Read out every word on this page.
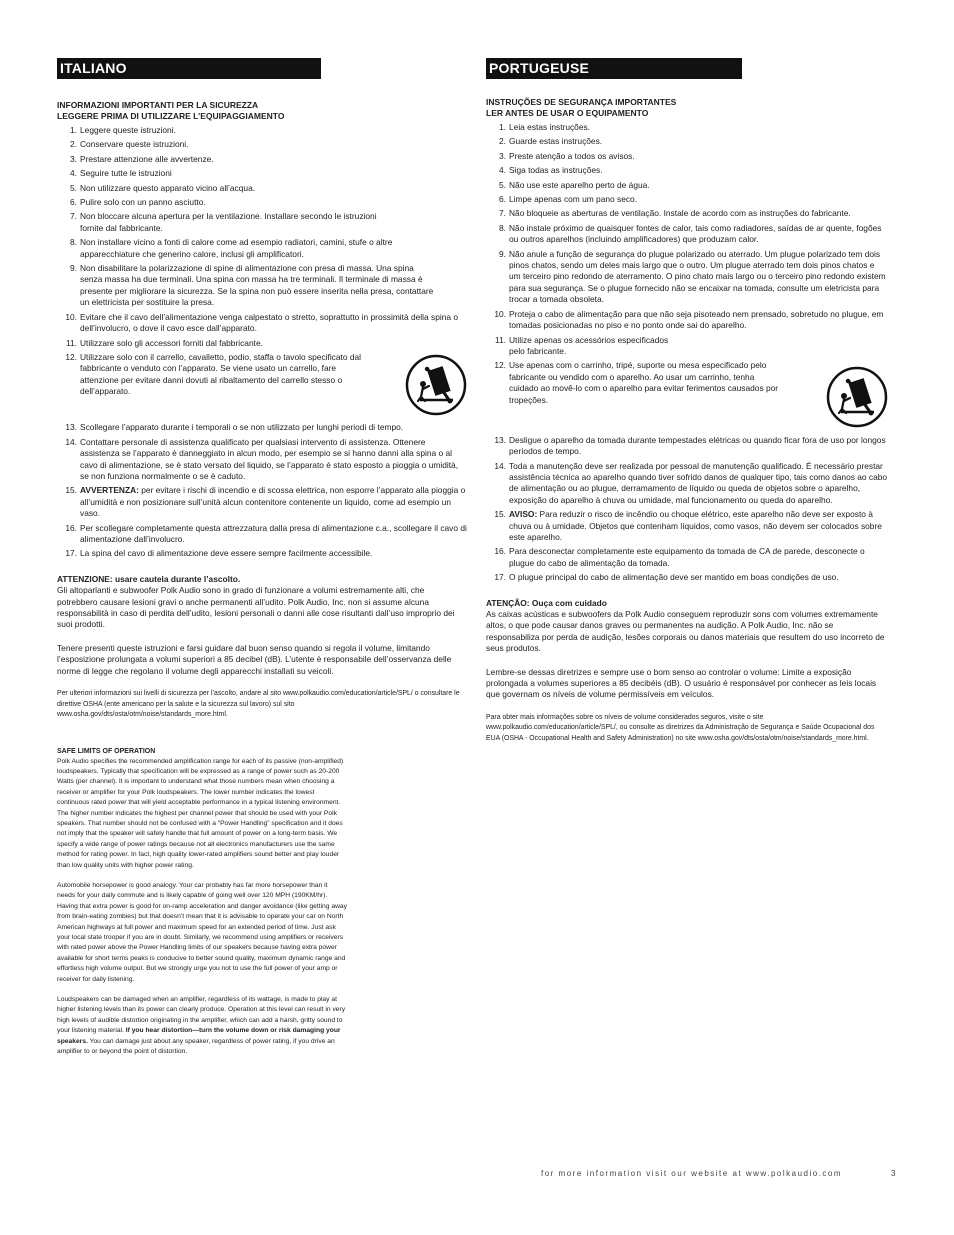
ITALIANO

INFORMAZIONI IMPORTANTI PER LA SICUREZZA

LEGGERE PRIMA DI UTILIZZARE L’EQUIPAGGIAMENTO

1. Leggere queste istruzioni.
2. Conservare queste istruzioni.
3. Prestare attenzione alle avvertenze.
4. Seguire tutte le istruzioni
5. Non utilizzare questo apparato vicino all’acqua.
6. Pulire solo con un panno asciutto.
7. Non bloccare alcuna apertura per la ventilazione. Installare secondo le istruzioni fornite dal fabbricante.
8. Non installare vicino a fonti di calore come ad esempio radiatori, camini, stufe o altre apparecchiature che generino calore, inclusi gli amplificatori.
9. Non disabilitare la polarizzazione di spine di alimentazione con presa di massa. Una spina senza massa ha due terminali. Una spina con massa ha tre terminali. Il terminale di massa è presente per migliorare la sicurezza. Se la spina non può essere inserita nella presa, contattare un elettricista per sostituire la presa.
10. Evitare che il cavo dell’alimentazione venga calpestato o stretto, soprattutto in prossimità della spina o dell’involucro, o dove il cavo esce dall’apparato.
11. Utilizzare solo gli accessori forniti dal fabbricante.
12. Utilizzare solo con il carrello, cavalletto, podio, staffa o tavolo specificato dal fabbricante o venduto con l’apparato. Se viene usato un carrello, fare attenzione per evitare danni dovuti al ribaltamento del carrello stesso o dell’apparato.
13. Scollegare l’apparato durante i temporali o se non utilizzato per lunghi periodi di tempo.
14. Contattare personale di assistenza qualificato per qualsiasi intervento di assistenza. Ottenere assistenza se l’apparato è danneggiato in alcun modo, per esempio se si hanno danni alla spina o al cavo di alimentazione, se è stato versato del liquido, se l’apparato è stato esposto a pioggia o umidità, se non funziona normalmente o se è caduto.
15. AVVERTENZA: per evitare i rischi di incendio e di scossa elettrica, non esporre l’apparato alla pioggia o all’umidità e non posizionare sull’unità alcun contenitore contenente un liquido, come ad esempio un vaso.
16. Per scollegare completamente questa attrezzatura dalla presa di alimentazione c.a., scollegare il cavo di alimentazione dall’involucro.
17. La spina del cavo di alimentazione deve essere sempre facilmente accessibile.

ATTENZIONE: usare cautela durante l’ascolto.

Gli altoparlanti e subwoofer Polk Audio sono in grado di funzionare a volumi estremamente alti, che potrebbero causare lesioni gravi o anche permanenti all’udito. Polk Audio, Inc. non si assume alcuna responsabilità in caso di perdita dell’udito, lesioni personali o danni alle cose risultanti dall’uso improprio dei suoi prodotti.

Tenere presenti queste istruzioni e farsi guidare dal buon senso quando si regola il volume, limitando l’esposizione prolungata a volumi superiori a 85 decibel (dB). L’utente è responsabile dell’osservanza delle norme di legge che regolano il volume degli apparecchi installati su veicoli.

Per ulteriori informazioni sui livelli di sicurezza per l’ascolto, andare al sito www.polkaudio.com/education/article/SPL/ o consultare le direttive OSHA (ente americano per la salute e la sicurezza sul lavoro) sul sito www.osha.gov/dts/osta/otm/noise/standards_more.html.

SAFE LIMITS OF OPERATION

Polk Audio specifies the recommended amplification range for each of its passive (non-amplified) loudspeakers. Typically that specification will be expressed as a range of power such as 20-200 Watts (per channel). It is important to understand what those numbers mean when choosing a receiver or amplifier for your Polk loudspeakers. The lower number indicates the lowest continuous rated power that will yield acceptable performance in a typical listening environment. The higher number indicates the highest per channel power that should be used with your Polk speakers. That number should not be confused with a “Power Handling” specification and it does not imply that the speaker will safely handle that full amount of power on a long-term basis. We specify a wide range of power ratings because not all electronics manufacturers use the same method for rating power. In fact, high quality lower-rated amplifiers sound better and play louder than low quality units with higher power rating.

Automobile horsepower is good analogy. Your car probably has far more horsepower than it needs for your daily commute and is likely capable of going well over 120 MPH (190KM/hr). Having that extra power is good for on-ramp acceleration and danger avoidance (like getting away from brain-eating zombies) but that doesn’t mean that it is advisable to operate your car on North American highways at full power and maximum speed for an extended period of time. Just ask your local state trooper if you are in doubt. Similarly, we recommend using amplifiers or receivers with rated power above the Power Handling limits of our speakers because having extra power available for short terms peaks is conducive to better sound quality, maximum dynamic range and effortless high volume output. But we strongly urge you not to use the full power of your amp or receiver for daily listening.

Loudspeakers can be damaged when an amplifier, regardless of its wattage, is made to play at higher listening levels than its power can clearly produce. Operation at this level can result in very high levels of audible distortion originating in the amplifier, which can add a harsh, gritty sound to your listening material. If you hear distortion—turn the volume down or risk damaging your speakers. You can damage just about any speaker, regardless of power rating, if you drive an amplifier to or beyond the point of distortion.

PORTUGEUSE

INSTRUÇÕES DE SEGURANÇA IMPORTANTES

LER ANTES DE USAR O EQUIPAMENTO

1. Leia estas instruções.
2. Guarde estas instruções.
3. Preste atenção a todos os avisos.
4. Siga todas as instruções.
5. Não use este aparelho perto de água.
6. Limpe apenas com um pano seco.
7. Não bloqueie as aberturas de ventilação. Instale de acordo com as instruções do fabricante.
8. Não instale próximo de quaisquer fontes de calor, tais como radiadores, saídas de ar quente, fogões ou outros aparelhos (incluindo amplificadores) que produzam calor.
9. Não anule a função de segurança do plugue polarizado ou aterrado. Um plugue polarizado tem dois pinos chatos, sendo um deles mais largo que o outro. Um plugue aterrado tem dois pinos chatos e um terceiro pino redondo de aterramento. O pino chato mais largo ou o terceiro pino redondo existem para sua segurança. Se o plugue fornecido não se encaixar na tomada, consulte um eletricista para trocar a tomada obsoleta.
10. Proteja o cabo de alimentação para que não seja pisoteado nem prensado, sobretudo no plugue, em tomadas posicionadas no piso e no ponto onde sai do aparelho.
11. Utilize apenas os acessórios especificados pelo fabricante.
12. Use apenas com o carrinho, tripé, suporte ou mesa especificado pelo fabricante ou vendido com o aparelho. Ao usar um carrinho, tenha cuidado ao movê-lo com o aparelho para evitar ferimentos causados por tropeções.
13. Desligue o aparelho da tomada durante tempestades elétricas ou quando ficar fora de uso por longos períodos de tempo.
14. Toda a manutenção deve ser realizada por pessoal de manutenção qualificado. É necessário prestar assistência técnica ao aparelho quando tiver sofrido danos de qualquer tipo, tais como danos ao cabo de alimentação ou ao plugue, derramamento de líquido ou queda de objetos sobre o aparelho, exposição do aparelho à chuva ou umidade, mal funcionamento ou queda do aparelho.
15. AVISO: Para reduzir o risco de incêndio ou choque elétrico, este aparelho não deve ser exposto à chuva ou à umidade. Objetos que contenham líquidos, como vasos, não devem ser colocados sobre este aparelho.
16. Para desconectar completamente este equipamento da tomada de CA de parede, desconecte o plugue do cabo de alimentação da tomada.
17. O plugue principal do cabo de alimentação deve ser mantido em boas condições de uso.

ATENÇÃO: Ouça com cuidado

As caixas acústicas e subwoofers da Polk Audio conseguem reproduzir sons com volumes extremamente altos, o que pode causar danos graves ou permanentes na audição. A Polk Audio, Inc. não se responsabiliza por perda de audição, lesões corporais ou danos materiais que resultem do uso incorreto de seus produtos.

Lembre-se dessas diretrizes e sempre use o bom senso ao controlar o volume: Limite a exposição prolongada a volumes superiores a 85 decibéis (dB). O usuário é responsável por conhecer as leis locais que governam os níveis de volume permissíveis em veículos.

Para obter mais informações sobre os níveis de volume considerados seguros, visite o site www.polkaudio.com/education/article/SPL/, ou consulte as diretrizes da Administração de Segurança e Saúde Ocupacional dos EUA (OSHA - Occupational Health and Safety Administration) no site www.osha.gov/dts/osta/otm/noise/standards_more.html.

for more information visit our website at www.polkaudio.com	3
